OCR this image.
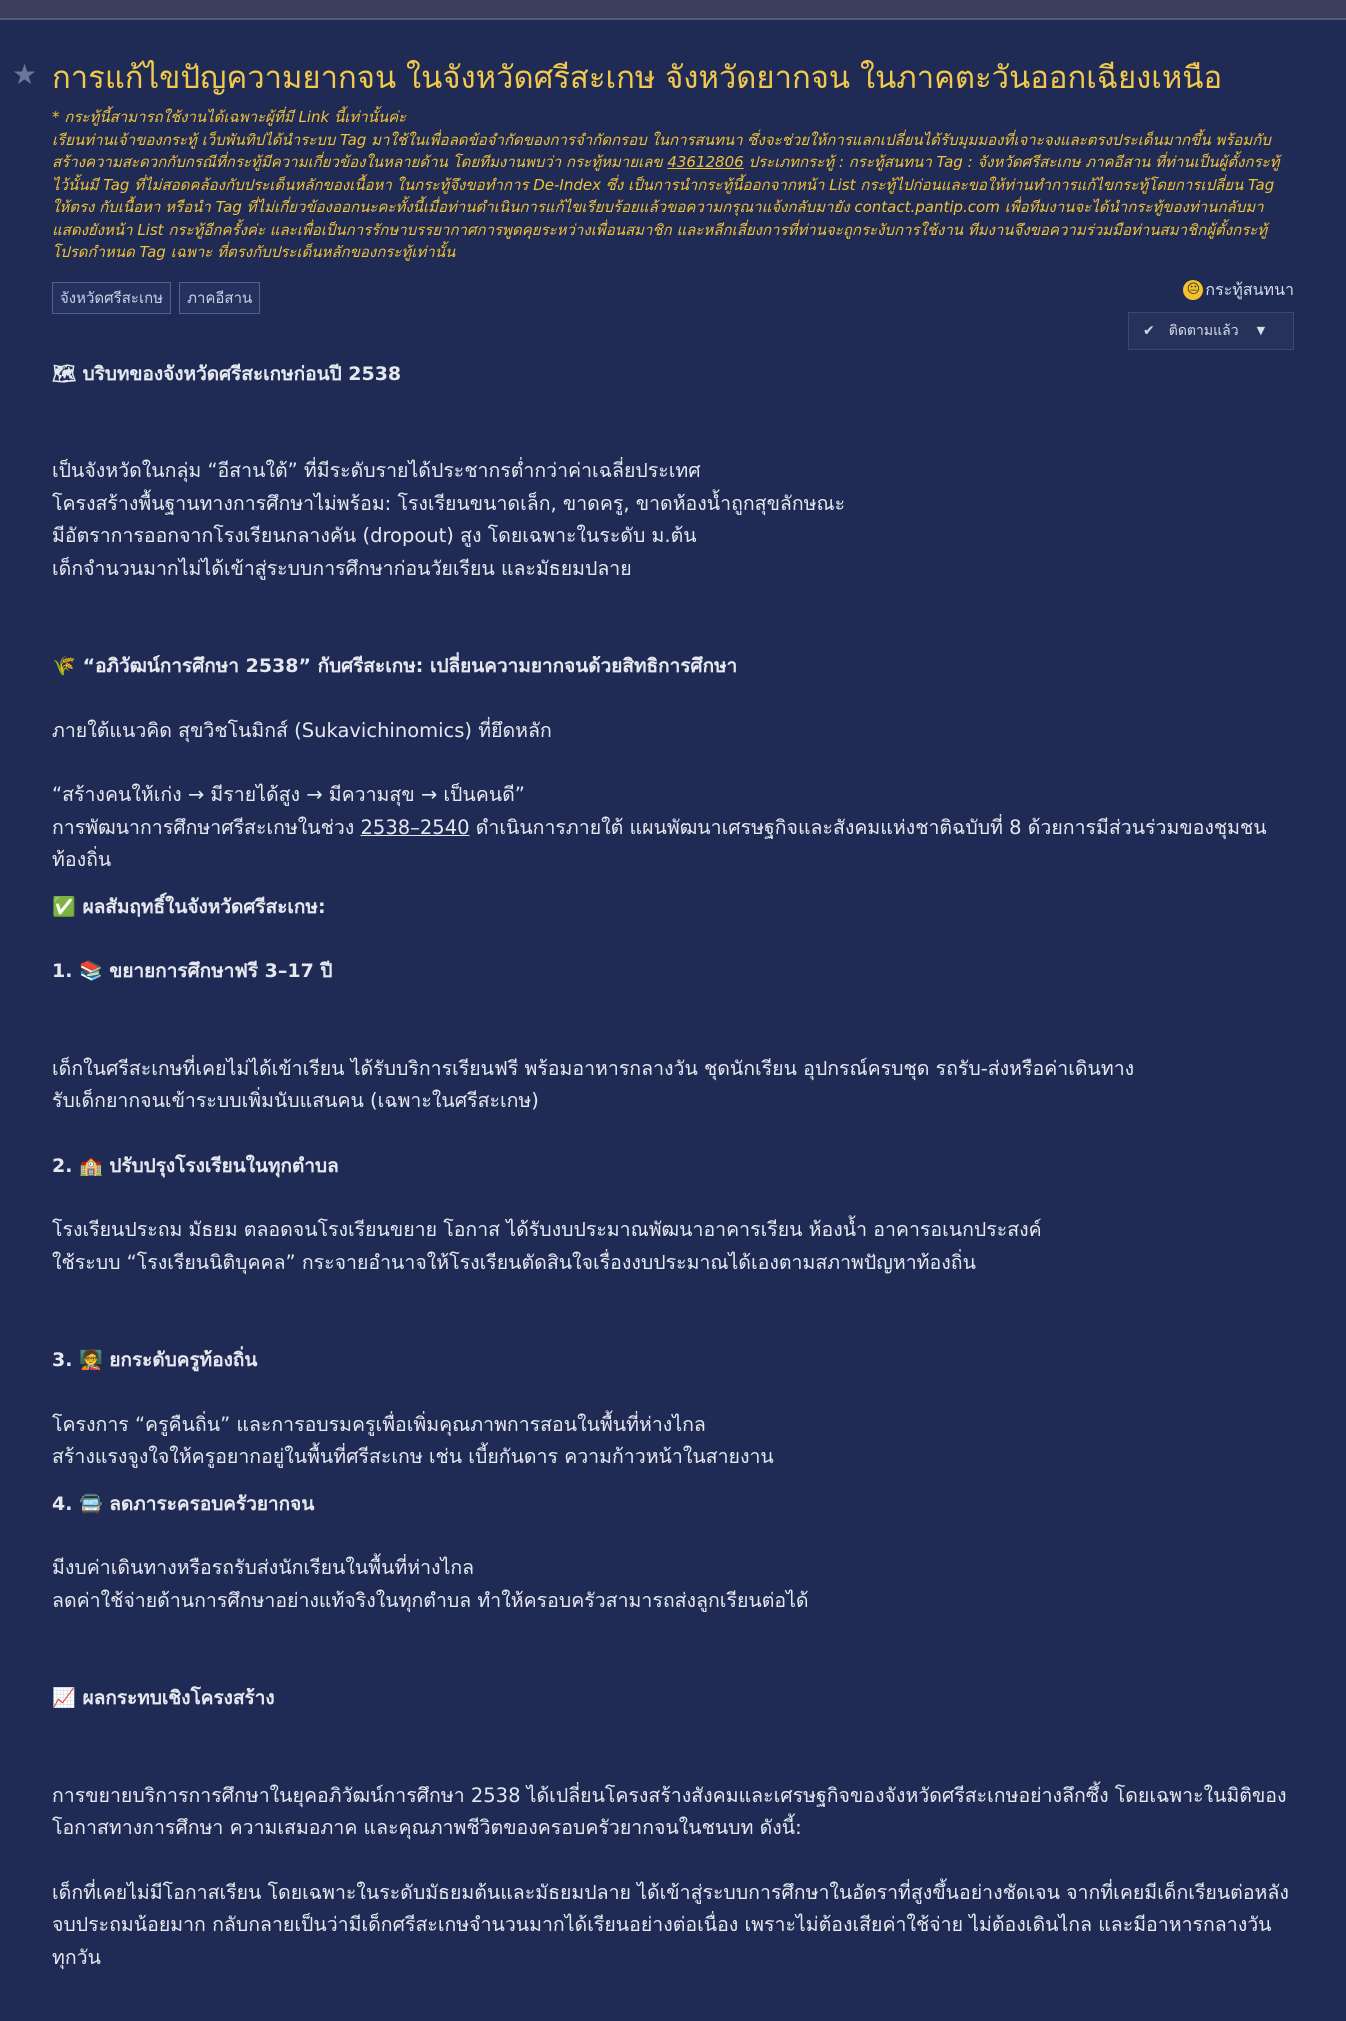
★ การแก้ไขปัญความยากจน ในจังหวัดศรีสะเกษ จังหวัดยากจน ในภาคตะวันออกเฉียงเหนือ
* กระทู้นี้สามารถใช้งานได้เฉพาะผู้ที่มี Link นี้เท่านั้นค่ะ
เรียนท่านเจ้าของกระทู้ เว็บพันทิปได้นำระบบ Tag มาใช้ในเพื่อลดข้อจำกัดของการจำกัดกรอบ ในการสนทนา ซึ่งจะช่วยให้การแลกเปลี่ยนได้รับมุมมองที่เจาะจงและตรงประเด็นมากขึ้น พร้อมกับสร้างความสะดวกกับกรณีที่กระทู้มีความเกี่ยวข้องในหลายด้าน โดยทีมงานพบว่า กระทู้หมายเลข 43612806 ประเภทกระทู้ : กระทู้สนทนา Tag : จังหวัดศรีสะเกษ ภาคอีสาน ที่ท่านเป็นผู้ตั้งกระทู้ไว้นั้นมี Tag ที่ไม่สอดคล้องกับประเด็นหลักของเนื้อหา ในกระทู้จึงขอทำการ De-Index ซึ่ง เป็นการนำกระทู้นี้ออกจากหน้า List กระทู้ไปก่อนและขอให้ท่านทำการแก้ไขกระทู้โดยการเปลี่ยน Tag ให้ตรง กับเนื้อหา หรือนำ Tag ที่ไม่เกี่ยวข้องออกนะคะทั้งนี้เมื่อท่านดำเนินการแก้ไขเรียบร้อยแล้วขอความกรุณาแจ้งกลับมายัง contact.pantip.com เพื่อทีมงานจะได้นำกระทู้ของท่านกลับมาแสดงยังหน้า List กระทู้อีกครั้งค่ะ และเพื่อเป็นการรักษาบรรยากาศการพูดคุยระหว่างเพื่อนสมาชิก และหลีกเลี่ยงการที่ท่านจะถูกระงับการใช้งาน ทีมงานจึงขอความร่วมมือท่านสมาชิกผู้ตั้งกระทู้โปรดกำหนด Tag เฉพาะ ที่ตรงกับประเด็นหลักของกระทู้เท่านั้น
จังหวัดศรีสะเกษ	ภาคอีสาน	😐 กระทู้สนทนา
✔ ติดตามแล้ว ▼

🗺 บริบทของจังหวัดศรีสะเกษก่อนปี 2538

เป็นจังหวัดในกลุ่ม “อีสานใต้” ที่มีระดับรายได้ประชากรต่ำกว่าค่าเฉลี่ยประเทศ

โครงสร้างพื้นฐานทางการศึกษาไม่พร้อม: โรงเรียนขนาดเล็ก, ขาดครู, ขาดห้องน้ำถูกสุขลักษณะ

มีอัตราการออกจากโรงเรียนกลางคัน (dropout) สูง โดยเฉพาะในระดับ ม.ต้น

เด็กจำนวนมากไม่ได้เข้าสู่ระบบการศึกษาก่อนวัยเรียน และมัธยมปลาย

🌾 “อภิวัฒน์การศึกษา 2538” กับศรีสะเกษ: เปลี่ยนความยากจนด้วยสิทธิการศึกษา

ภายใต้แนวคิด สุขวิชโนมิกส์ (Sukavichinomics) ที่ยึดหลัก

“สร้างคนให้เก่ง → มีรายได้สูง → มีความสุข → เป็นคนดี”

การพัฒนาการศึกษาศรีสะเกษในช่วง 2538–2540 ดำเนินการภายใต้ แผนพัฒนาเศรษฐกิจและสังคมแห่งชาติฉบับที่ 8 ด้วยการมีส่วนร่วมของชุมชนท้องถิ่น

✅ ผลสัมฤทธิ์ในจังหวัดศรีสะเกษ:

1. 📚 ขยายการศึกษาฟรี 3–17 ปี

เด็กในศรีสะเกษที่เคยไม่ได้เข้าเรียน ได้รับบริการเรียนฟรี พร้อมอาหารกลางวัน ชุดนักเรียน อุปกรณ์ครบชุด รถรับ-ส่งหรือค่าเดินทาง

รับเด็กยากจนเข้าระบบเพิ่มนับแสนคน (เฉพาะในศรีสะเกษ)

2. 🏫 ปรับปรุงโรงเรียนในทุกตำบล

โรงเรียนประถม มัธยม ตลอดจนโรงเรียนขยาย โอกาส ได้รับงบประมาณพัฒนาอาคารเรียน ห้องน้ำ อาคารอเนกประสงค์

ใช้ระบบ “โรงเรียนนิติบุคคล” กระจายอำนาจให้โรงเรียนตัดสินใจเรื่องงบประมาณได้เองตามสภาพปัญหาท้องถิ่น

3. 🧑‍🏫 ยกระดับครูท้องถิ่น

โครงการ “ครูคืนถิ่น” และการอบรมครูเพื่อเพิ่มคุณภาพการสอนในพื้นที่ห่างไกล

สร้างแรงจูงใจให้ครูอยากอยู่ในพื้นที่ศรีสะเกษ เช่น เบี้ยกันดาร ความก้าวหน้าในสายงาน

4. 🚍 ลดภาระครอบครัวยากจน

มีงบค่าเดินทางหรือรถรับส่งนักเรียนในพื้นที่ห่างไกล

ลดค่าใช้จ่ายด้านการศึกษาอย่างแท้จริงในทุกตำบล ทำให้ครอบครัวสามารถส่งลูกเรียนต่อได้

📈 ผลกระทบเชิงโครงสร้าง

การขยายบริการการศึกษาในยุคอภิวัฒน์การศึกษา 2538 ได้เปลี่ยนโครงสร้างสังคมและเศรษฐกิจของจังหวัดศรีสะเกษอย่างลึกซึ้ง โดยเฉพาะในมิติของ โอกาสทางการศึกษา ความเสมอภาค และคุณภาพชีวิตของครอบครัวยากจนในชนบท ดังนี้:

เด็กที่เคยไม่มีโอกาสเรียน โดยเฉพาะในระดับมัธยมต้นและมัธยมปลาย ได้เข้าสู่ระบบการศึกษาในอัตราที่สูงขึ้นอย่างชัดเจน จากที่เคยมีเด็กเรียนต่อหลังจบประถมน้อยมาก กลับกลายเป็นว่ามีเด็กศรีสะเกษจำนวนมากได้เรียนอย่างต่อเนื่อง เพราะไม่ต้องเสียค่าใช้จ่าย ไม่ต้องเดินไกล และมีอาหารกลางวันทุกวัน
